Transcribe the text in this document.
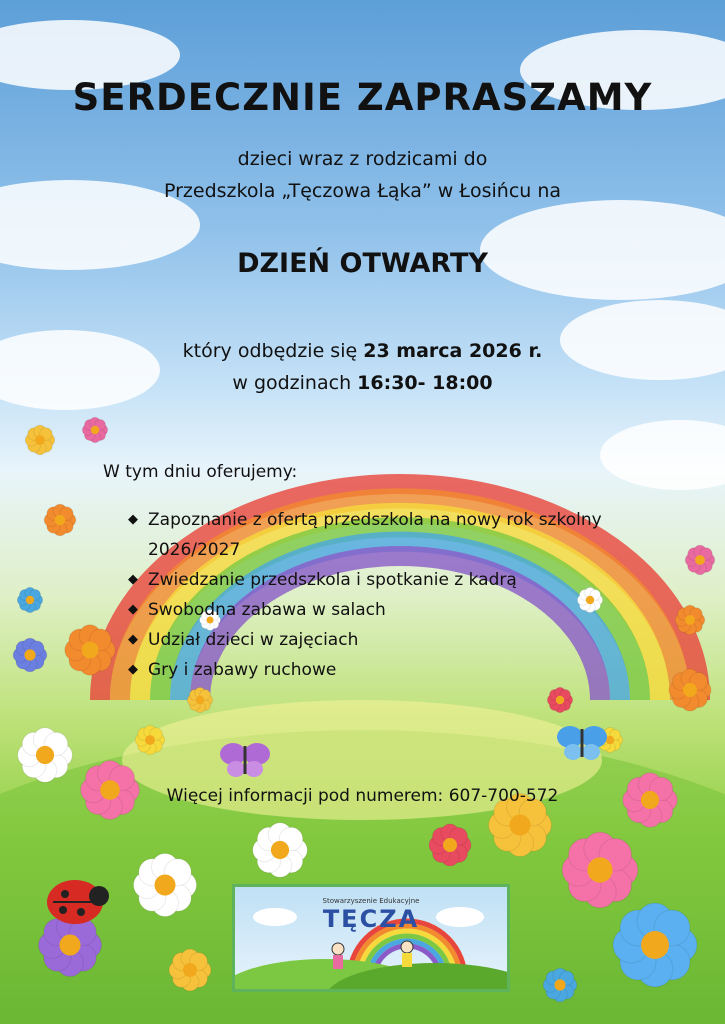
SERDECZNIE ZAPRASZAMY
dzieci wraz z rodzicami do
Przedszkola „Tęczowa Łąka” w Łosińcu na
DZIEŃ OTWARTY
który odbędzie się 23 marca 2026 r.
w godzinach 16:30- 18:00
W tym dniu oferujemy:
◆ Zapoznanie z ofertą przedszkola na nowy rok szkolny
2026/2027
◆ Zwiedzanie przedszkola i spotkanie z kadrą
◆ Swobodna zabawa w salach
◆ Udział dzieci w zajęciach
◆ Gry i zabawy ruchowe
Więcej informacji pod numerem: 607-700-572
Stowarzyszenie Edukacyjne
TĘCZA
